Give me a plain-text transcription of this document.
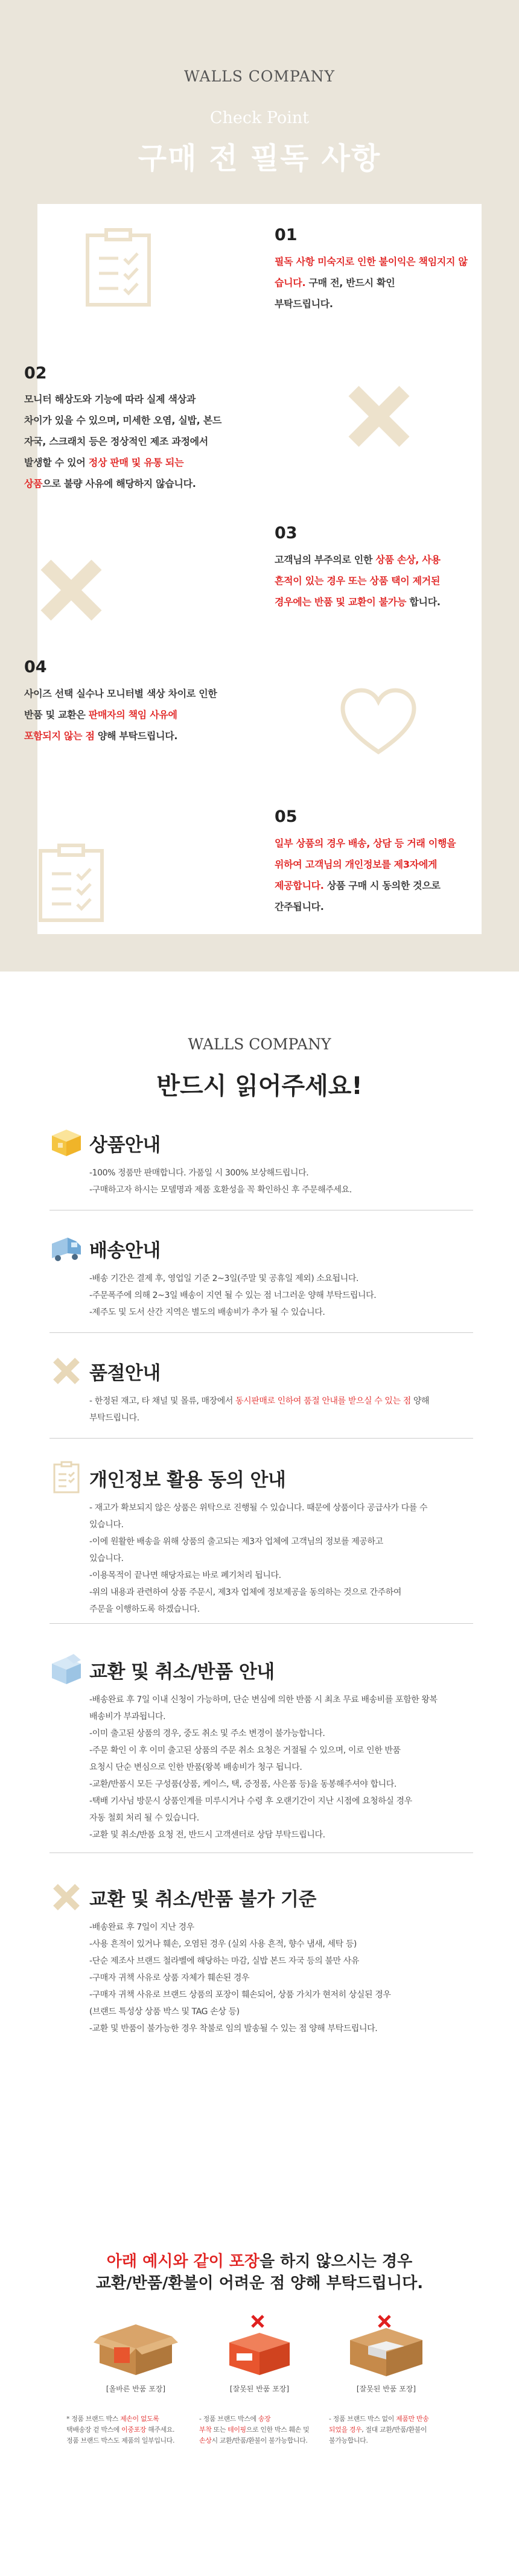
WALLS COMPANY
Check Point
구매 전 필독 사항
01
필독 사항 미숙지로 인한 불이익은 책임지지 않습니다. 구매 전, 반드시 확인
부탁드립니다.
02
모니터 해상도와 기능에 따라 실제 색상과
차이가 있을 수 있으며, 미세한 오염, 실밥, 본드
자국, 스크래치 등은 정상적인 제조 과정에서
발생할 수 있어 정상 판매 및 유통 되는
상품으로 불량 사유에 해당하지 않습니다.
03
고객님의 부주의로 인한 상품 손상, 사용
흔적이 있는 경우 또는 상품 택이 제거된
경우에는 반품 및 교환이 불가능 합니다.
04
사이즈 선택 실수나 모니터별 색상 차이로 인한
반품 및 교환은 판매자의 책임 사유에
포함되지 않는 점 양해 부탁드립니다.
05
일부 상품의 경우 배송, 상담 등 거래 이행을
위하여 고객님의 개인정보를 제3자에게
제공합니다. 상품 구매 시 동의한 것으로
간주됩니다.
WALLS COMPANY
반드시 읽어주세요!
상품안내
-100% 정품만 판매합니다. 가품일 시 300% 보상해드립니다.
-구매하고자 하시는 모델명과 제품 호환성을 꼭 확인하신 후 주문해주세요.
배송안내
-배송 기간은 결제 후, 영업일 기준 2~3일(주말 및 공휴일 제외) 소요됩니다.
-주문폭주에 의해 2~3일 배송이 지연 될 수 있는 점 너그러운 양해 부탁드립니다.
-제주도 및 도서 산간 지역은 별도의 배송비가 추가 될 수 있습니다.
품절안내
- 한정된 재고, 타 채널 및 몰류, 매장에서 동시판매로 인하여 품절 안내를 받으실 수 있는 점 양해
부탁드립니다.
개인정보 활용 동의 안내
- 재고가 확보되지 않은 상품은 위탁으로 진행될 수 있습니다. 때문에 상품이다 공급사가 다를 수
있습니다.
-이에 원활한 배송을 위해 상품의 출고되는 제3자 업체에 고객님의 정보를 제공하고
있습니다.
-이용목적이 끝나면 해당자료는 바로 폐기처리 됩니다.
-위의 내용과 관련하여 상품 주문시, 제3자 업체에 정보제공을 동의하는 것으로 간주하여
주문을 이행하도록 하겠습니다.
교환 및 취소/반품 안내
-배송완료 후 7일 이내 신청이 가능하며, 단순 변심에 의한 반품 시 최초 무료 배송비를 포함한 왕복
배송비가 부과됩니다.
-이미 출고된 상품의 경우, 중도 취소 및 주소 변경이 불가능합니다.
-주문 확인 이 후 이미 출고된 상품의 주문 취소 요청은 거절될 수 있으며, 이로 인한 반품
요청시 단순 변심으로 인한 반품(왕복 배송비가 청구 됩니다.
-교환/반품시 모든 구성품(상품, 케이스, 택, 증정품, 사은품 등)을 동봉해주셔야 합니다.
-택배 기사님 방문시 상품인계를 미루시거나 수령 후 오랜기간이 지난 시점에 요청하실 경우
자동 철회 처리 될 수 있습니다.
-교환 및 취소/반품 요청 전, 반드시 고객센터로 상담 부탁드립니다.
교환 및 취소/반품 불가 기준
-배송완료 후 7일이 지난 경우
-사용 흔적이 있거나 훼손, 오염된 경우 (실외 사용 흔적, 향수 냄새, 세탁 등)
-단순 제조사 브랜드 철라벨에 해당하는 마감, 실밥 본드 자국 등의 불만 사유
-구매자 귀책 사유로 상품 자체가 훼손된 경우
-구매자 귀책 사유로 브랜드 상품의 포장이 훼손되어, 상품 가치가 현저히 상실된 경우
(브랜드 특성상 상품 박스 및 TAG 손상 등)
-교환 및 반품이 불가능한 경우 착불로 임의 발송될 수 있는 점 양해 부탁드립니다.
아래 예시와 같이 포장을 하지 않으시는 경우
교환/반품/환불이 어려운 점 양해 부탁드립니다.
[올바른 반품 포장]	[잘못된 반품 포장]	[잘못된 반품 포장]
* 정품 브랜드 박스 제손이 없도록
택배송장 겉 박스에 이중포장 해주세요.
정품 브랜드 박스도 제품의 일부입니다.
- 정품 브랜드 박스에 송장
부착 또는 테이핑으로 인한 박스 훼손 및
손상시 교환/반품/환불이 불가능합니다.
- 정품 브랜드 박스 없이 제품만 반송
되었을 경우, 절대 교환/반품/환불이
불가능합니다.
